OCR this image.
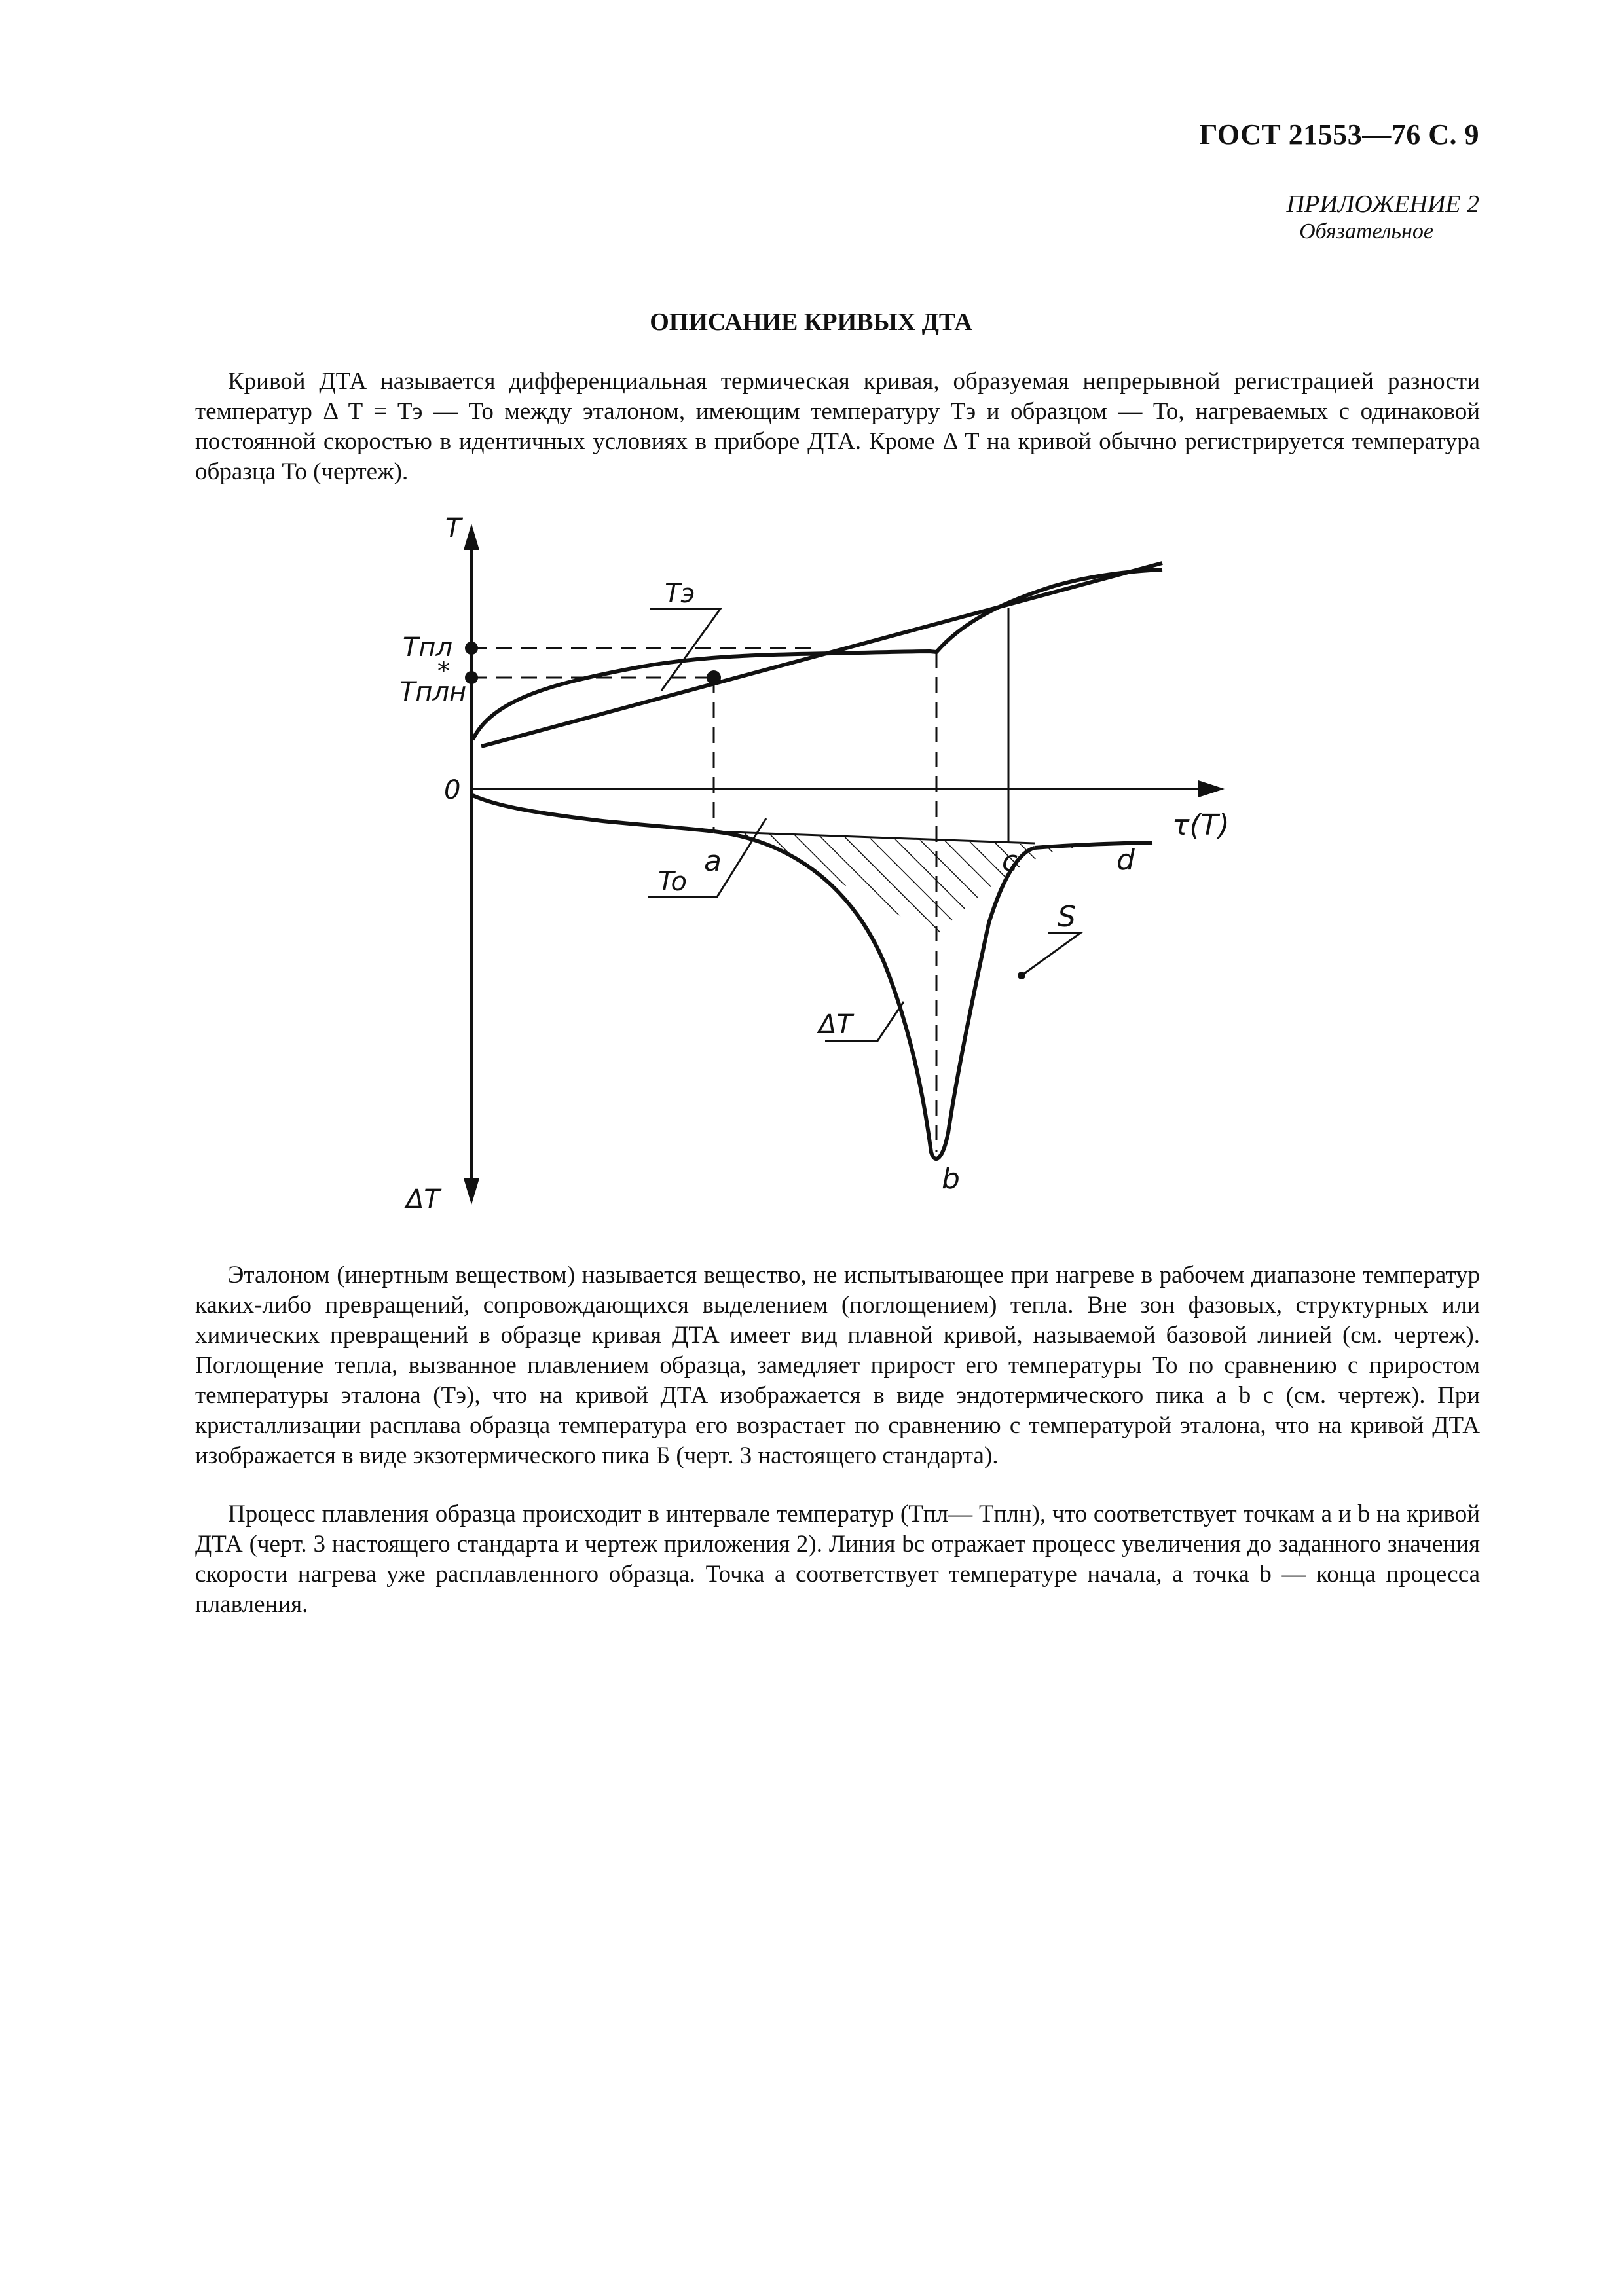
ГОСТ 21553—76 С. 9
ПРИЛОЖЕНИЕ 2
Обязательное
ОПИСАНИЕ КРИВЫХ ДТА

Кривой ДТА называется дифференциальная термическая кривая, образуемая непрерывной регистрацией разности температур Δ T = Tэ — To между эталоном, имеющим температуру Tэ и образцом — To, нагреваемых с одинаковой постоянной скоростью в идентичных условиях в приборе ДТА. Кроме Δ T на кривой обычно регистрируется температура образца To (чертеж).

T
ΔT
τ(T)
0
Tпл
*
Tплн
Tэ
To
a
b
c	d
S
ΔT

Эталоном (инертным веществом) называется вещество, не испытывающее при нагреве в рабочем диапазоне температур каких-либо превращений, сопровождающихся выделением (поглощением) тепла. Вне зон фазовых, структурных или химических превращений в образце кривая ДТА имеет вид плавной кривой, называемой базовой линией (см. чертеж). Поглощение тепла, вызванное плавлением образца, замедляет прирост его температуры To по сравнению с приростом температуры эталона (Tэ), что на кривой ДТА изображается в виде эндотермического пика a b c (см. чертеж). При кристаллизации расплава образца температура его возрастает по сравнению с температурой эталона, что на кривой ДТА изображается в виде экзотермического пика Б (черт. 3 настоящего стандарта).

Процесс плавления образца происходит в интервале температур (Tпл— Tплн), что соответствует точкам a и b на кривой ДТА (черт. 3 настоящего стандарта и чертеж приложения 2). Линия bc отражает процесс увеличения до заданного значения скорости нагрева уже расплавленного образца. Точка a соответствует температуре начала, а точка b — конца процесса плавления.
